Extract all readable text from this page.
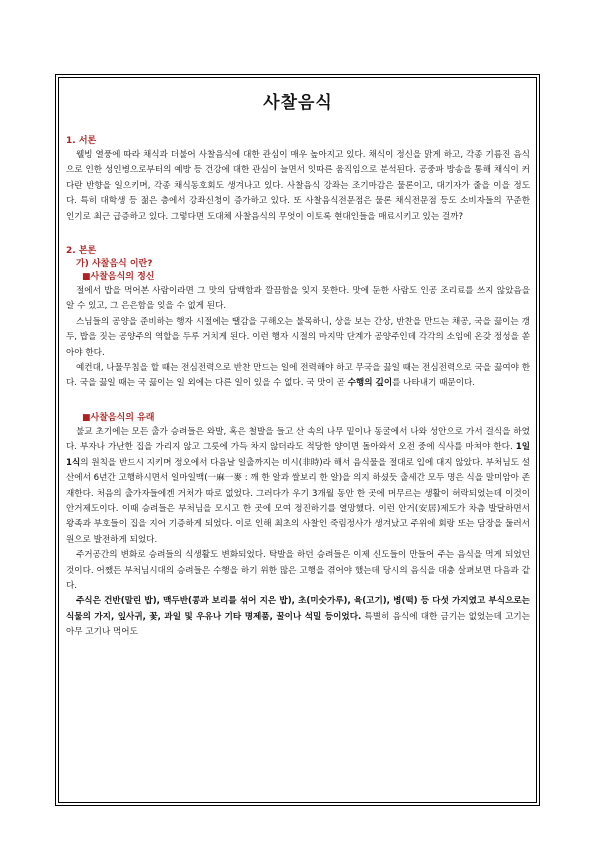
사찰음식
1. 서론

웰빙 열풍에 따라 채식과 더불어 사찰음식에 대한 관심이 매우 높아지고 있다. 채식이 정신을 맑게 하고, 각종 기름진 음식으로 인한 성인병으로부터의 예방 등 건강에 대한 관심이 늘면서 잇따른 움직임으로 분석된다. 공중파 방송을 통해 채식이 커다란 반향을 일으키며, 각종 채식동호회도 생겨나고 있다. 사찰음식 강좌는 조기마감은 물론이고, 대기자가 줄을 이을 정도다. 특히 대학생 등 젊은 층에서 강좌신청이 증가하고 있다. 또 사찰음식전문점은 물론 채식전문점 등도 소비자들의 꾸준한 인기로 최근 급증하고 있다. 그렇다면 도대체 사찰음식의 무엇이 이토록 현대인들을 매료시키고 있는 걸까?

2. 본론
가) 사찰음식 이란?
■사찰음식의 정신

절에서 밥을 먹어본 사람이라면 그 맛의 담백함과 깔끔함을 잊지 못한다. 맛에 둔한 사람도 인공 조리료를 쓰지 않았음을 알 수 있고, 그 은은함을 잊을 수 없게 된다.

스님들의 공양을 준비하는 행자 시절에는 땔감을 구해오는 불목하니, 상을 보는 간상, 반찬을 만드는 채공, 국을 끓이는 갱두, 밥을 짓는 공양주의 역할을 두루 거치게 된다. 이런 행자 시절의 마지막 단계가 공양주인데 각각의 소임에 온갖 정성을 쏟아야 한다.

예컨대, 나물무침을 할 때는 전심전력으로 반찬 만드는 일에 전력해야 하고 무국을 끓일 때는 전심전력으로 국을 끓여야 한다. 국을 끓일 때는 국 끓이는 일 외에는 다른 일이 있을 수 없다. 국 맛이 곧 수행의 깊이를 나타내기 때문이다.

■사찰음식의 유래

불교 초기에는 모든 출가 승려들은 와발, 혹은 철발을 들고 산 속의 나무 밑이나 동굴에서 나와 성안으로 가서 걸식을 하였다. 부자나 가난한 집을 가리지 않고 그릇에 가득 차지 않더라도 적당한 양이면 돌아와서 오전 중에 식사를 마쳐야 한다. 1일 1식의 원칙을 반드시 지키며 정오에서 다음날 일출까지는 비시(非時)라 해서 음식물을 절대로 입에 대지 않았다. 부처님도 설산에서 6년간 고행하시면서 일마일맥(一麻一麥 : 깨 한 알과 쌀보리 한 알)을 의지 하셨듯 출세간 모두 명은 식을 말미암아 존재한다. 처음의 출가자들에겐 거처가 따로 없었다. 그러다가 우기 3개월 동안 한 곳에 머무르는 생활이 허락되었는데 이것이 안거제도이다. 이때 승려들은 부처님을 모시고 한 곳에 모여 정진하기를 열망했다. 이런 안거(安居)제도가 차츰 발달하면서 왕족과 부호들이 집을 지어 기증하게 되었다. 이로 인해 최초의 사찰인 죽림정사가 생겨났고 주위에 회랑 또는 담장을 둘러서 원으로 발전하게 되었다.

주거공간의 변화로 승려들의 식생활도 변화되었다. 탁발을 하던 승려들은 이제 신도들이 만들어 주는 음식을 먹게 되었던 것이다. 어쨌든 부처님시대의 승려들은 수행을 하기 위한 많은 고행을 겪어야 했는데 당시의 음식을 대충 살펴보면 다음과 같다.

주식은 건반(말린 밥), 맥두반(콩과 보리를 섞어 지은 밥), 초(미숫가루), 육(고기), 병(떡) 등 다섯 가지였고 부식으로는 식물의 가지, 잎사귀, 꽃, 과일 및 우유나 기타 명제품, 꿀이나 석밀 등이었다. 특별히 음식에 대한 금기는 없었는데 고기는 아무 고기나 먹어도
